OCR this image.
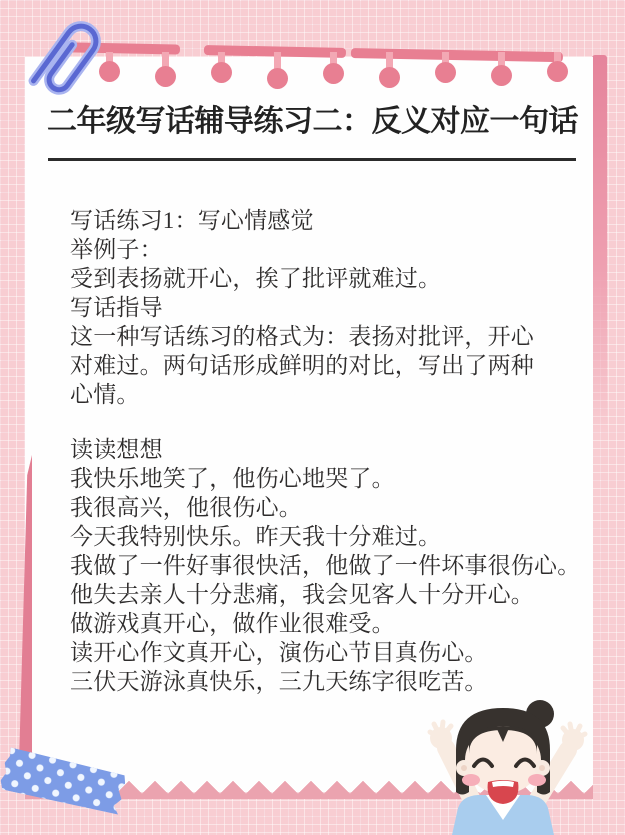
二年级写话辅导练习二：反义对应一句话
写话练习1：写心情感觉
举例子：
受到表扬就开心，挨了批评就难过。
写话指导
这一种写话练习的格式为：表扬对批评，开心
对难过。两句话形成鲜明的对比，写出了两种
心情。
读读想想
我快乐地笑了，他伤心地哭了。
我很高兴，他很伤心。
今天我特别快乐。昨天我十分难过。
我做了一件好事很快活，他做了一件坏事很伤心。
他失去亲人十分悲痛，我会见客人十分开心。
做游戏真开心，做作业很难受。
读开心作文真开心，演伤心节目真伤心。
三伏天游泳真快乐，三九天练字很吃苦。
